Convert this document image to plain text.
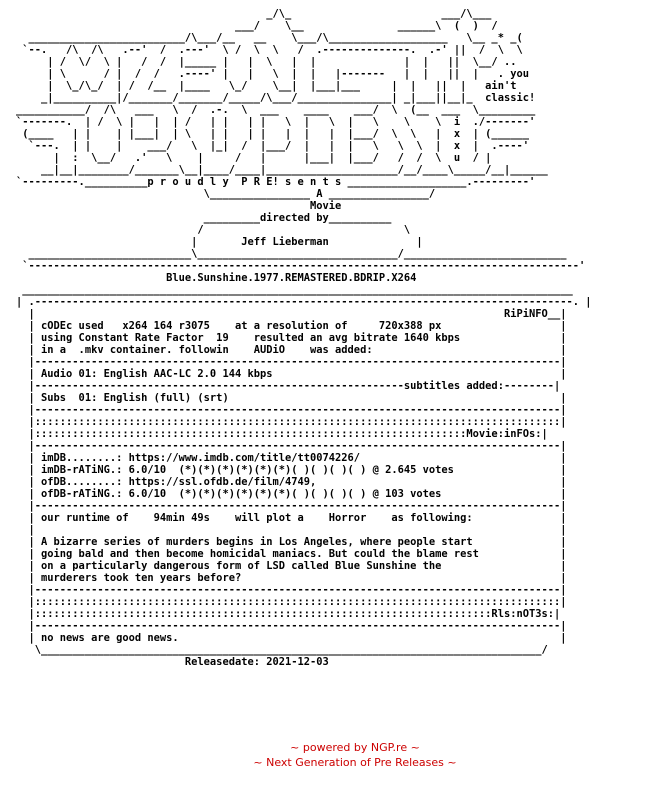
_/\_                        ___/\___
___/    \__               ______\  (  )  /
_________________________/\___/__   __    \___/\___________________   \__ _* _(
`--.   /\  /\   .--'  /  .---'  \ /  \  \   /  .--------------.  .-' ||  /  \  \
| /  \/  \ |   /  /  |_____ |   |  \   |  |              |  |   ||  \__/ ..
| \      / |  /  /   .----' |   |   \  |  |   |-------   |  |   ||  |   . you
|  \_/\_/  | /  /__  |____   \_/    \__|  |___|___     |  |   ||  |   ain't
_|__________|/_______/_______/_____/\___/_______________| _|___||__|_  classic!
___________/  /\   ___   \  /  .-.  \  ___    ____    ___/  \  (__  ___  \_________
`-------.  | /  \ |   |  | /   | |   | |   \  |   \  |   \    \    \  i  ./-------'
(____   | |    | |___|  | \   | |   | |   |  |   |  |___/  \  \   |  x  | (______
`---.  | |    |    ___/   \  |_|  /  |___/  |   |  |   \   \  \  |  x  |  .----'
|  :  \__/   .'   \    |     /   |      |___|  |___/   /  /  \  u  / |
__|__|________/_______\__|____/____|_____________________/__/____\_____/__|______
`---------.__________p r o u d l y  P R E! s e n t s ___________________.---------'
\________________ A ________________/
Movie
_________directed by__________
/                                \
|       Jeff Lieberman              |
__________________________\________________________________/__________________________
`----------------------------------------------------------------------------------------'
Blue.Sunshine.1977.REMASTERED.BDRIP.X264
________________________________________________________________________________________
| .--------------------------------------------------------------------------------------. |
|                                                                           RiPiNFO__|
| cODEc used   x264 164 r3075    at a resolution of     720x388 px                   |
| using Constant Rate Factor  19    resulted an avg bitrate 1640 kbps                |
| in a  .mkv container. followin    AUDiO    was added:                              |
|------------------------------------------------------------------------------------|
| Audio 01: English AAC-LC 2.0 144 kbps                                              |
|-----------------------------------------------------------subtitles added:--------|
| Subs  01: English (full) (srt)                                                     |
|------------------------------------------------------------------------------------|
|::::::::::::::::::::::::::::::::::::::::::::::::::::::::::::::::::::::::::::::::::::|
|:::::::::::::::::::::::::::::::::::::::::::::::::::::::::::::::::::::Movie:inFOs:|
|------------------------------------------------------------------------------------|
| imDB........: https://www.imdb.com/title/tt0074226/                                |
| imDB-rATiNG.: 6.0/10  (*)(*)(*)(*)(*)(*)( )( )( )( ) @ 2.645 votes                 |
| ofDB........: https://ssl.ofdb.de/film/4749,                                       |
| ofDB-rATiNG.: 6.0/10  (*)(*)(*)(*)(*)(*)( )( )( )( ) @ 103 votes                   |
|------------------------------------------------------------------------------------|
| our runtime of    94min 49s    will plot a    Horror    as following:              |
|                                                                                    |
| A bizarre series of murders begins in Los Angeles, where people start              |
| going bald and then become homicidal maniacs. But could the blame rest             |
| on a particularly dangerous form of LSD called Blue Sunshine the                   |
| murderers took ten years before?                                                   |
|------------------------------------------------------------------------------------|
|::::::::::::::::::::::::::::::::::::::::::::::::::::::::::::::::::::::::::::::::::::|
|:::::::::::::::::::::::::::::::::::::::::::::::::::::::::::::::::::::::::Rls:nOT3s:|
|------------------------------------------------------------------------------------|
| no news are good news.                                                             |
\________________________________________________________________________________/
Releasedate: 2021-12-03
~ powered by NGP.re ~
~ Next Generation of Pre Releases ~
